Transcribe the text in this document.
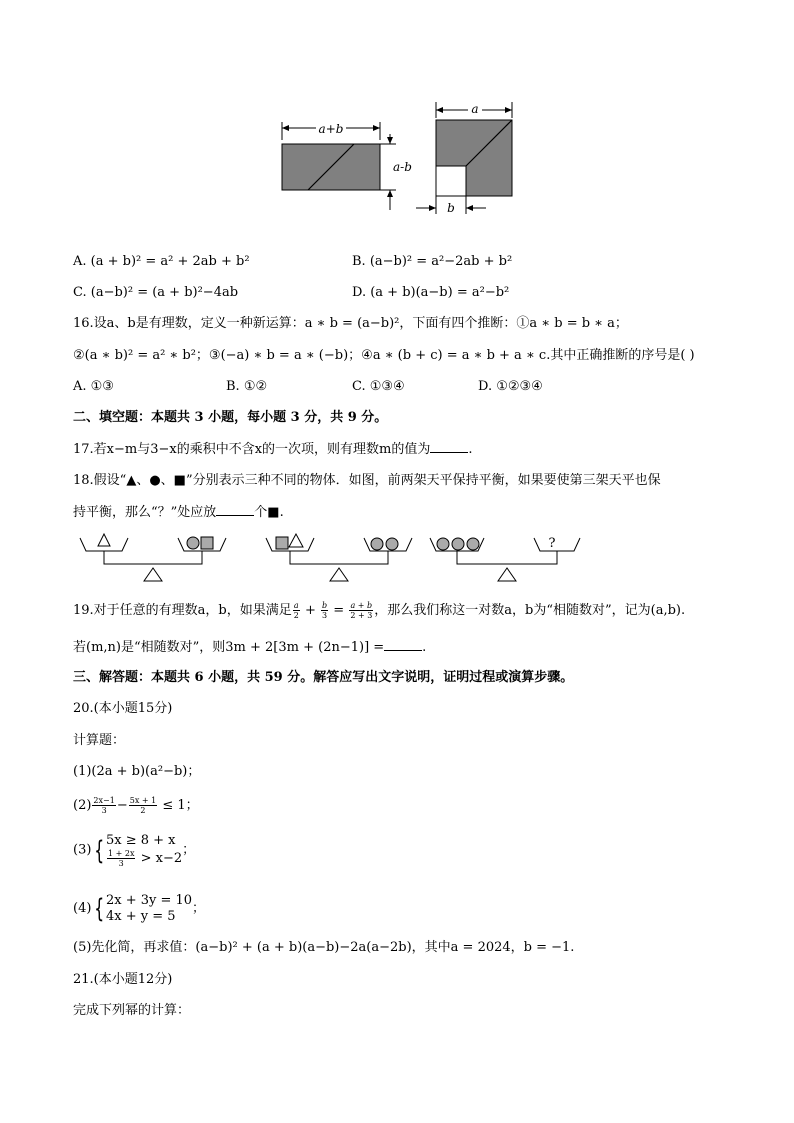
a+b
a-b
a
b
A. (a + b)² = a² + 2ab + b²	B. (a−b)² = a²−2ab + b²
C. (a−b)² = (a + b)²−4ab	D. (a + b)(a−b) = a²−b²
16.设a、b是有理数，定义一种新运算：a ∗ b = (a−b)²，下面有四个推断：①a ∗ b = b ∗ a；
②(a ∗ b)² = a² ∗ b²；③(−a) ∗ b = a ∗ (−b)；④a ∗ (b + c) = a ∗ b + a ∗ c.其中正确推断的序号是( )
A. ①③	B. ①②	C. ①③④	D. ①②③④
二、填空题：本题共 3 小题，每小题 3 分，共 9 分。
17.若x−m与3−x的乘积中不含x的一次项，则有理数m的值为	.
18.假设“▲、●、■”分别表示三种不同的物体．如图，前两架天平保持平衡，如果要使第三架天平也保
持平衡，那么“？”处应放	个■.
?
19.对于任意的有理数a，b，如果满足 $\frac{a}{2} + \frac{b}{3} = \frac{a + b}{2 + 3}$ ，那么我们称这一对数a，b为“相随数对”，记为(a,b).
若(m,n)是“相随数对”，则3m + 2[3m + (2n−1)] =	.
三、解答题：本题共 6 小题，共 59 分。解答应写出文字说明，证明过程或演算步骤。
20.(本小题15分)
计算题：
(1)(2a + b)(a²−b)；
$(2) \frac{2x-1}{3} - \frac{5x + 1}{2} \le 1$；
(3) { 5x ≥ 8 + x
$\frac{1 + 2x}{3} > x-2$
；
(4) { 2x + 3y = 10
4x + y = 5
；
(5)先化简，再求值：(a−b)² + (a + b)(a−b)−2a(a−2b)，其中a = 2024，b = −1.
21.(本小题12分)
完成下列幂的计算：
